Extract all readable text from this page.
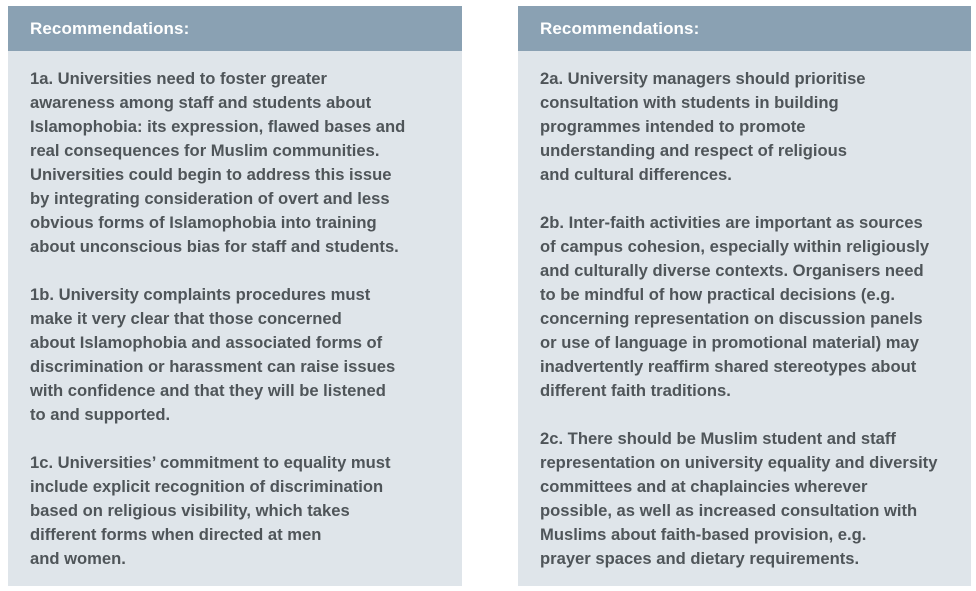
Recommendations:

1a. Universities need to foster greater
awareness among staff and students about
Islamophobia: its expression, flawed bases and
real consequences for Muslim communities.
Universities could begin to address this issue
by integrating consideration of overt and less
obvious forms of Islamophobia into training
about unconscious bias for staff and students.

1b. University complaints procedures must
make it very clear that those concerned
about Islamophobia and associated forms of
discrimination or harassment can raise issues
with confidence and that they will be listened
to and supported.

1c. Universities’ commitment to equality must
include explicit recognition of discrimination
based on religious visibility, which takes
different forms when directed at men
and women.

Recommendations:

2a. University managers should prioritise
consultation with students in building
programmes intended to promote
understanding and respect of religious
and cultural differences.

2b. Inter-faith activities are important as sources
of campus cohesion, especially within religiously
and culturally diverse contexts. Organisers need
to be mindful of how practical decisions (e.g.
concerning representation on discussion panels
or use of language in promotional material) may
inadvertently reaffirm shared stereotypes about
different faith traditions.

2c. There should be Muslim student and staff
representation on university equality and diversity
committees and at chaplaincies wherever
possible, as well as increased consultation with
Muslims about faith-based provision, e.g.
prayer spaces and dietary requirements.
